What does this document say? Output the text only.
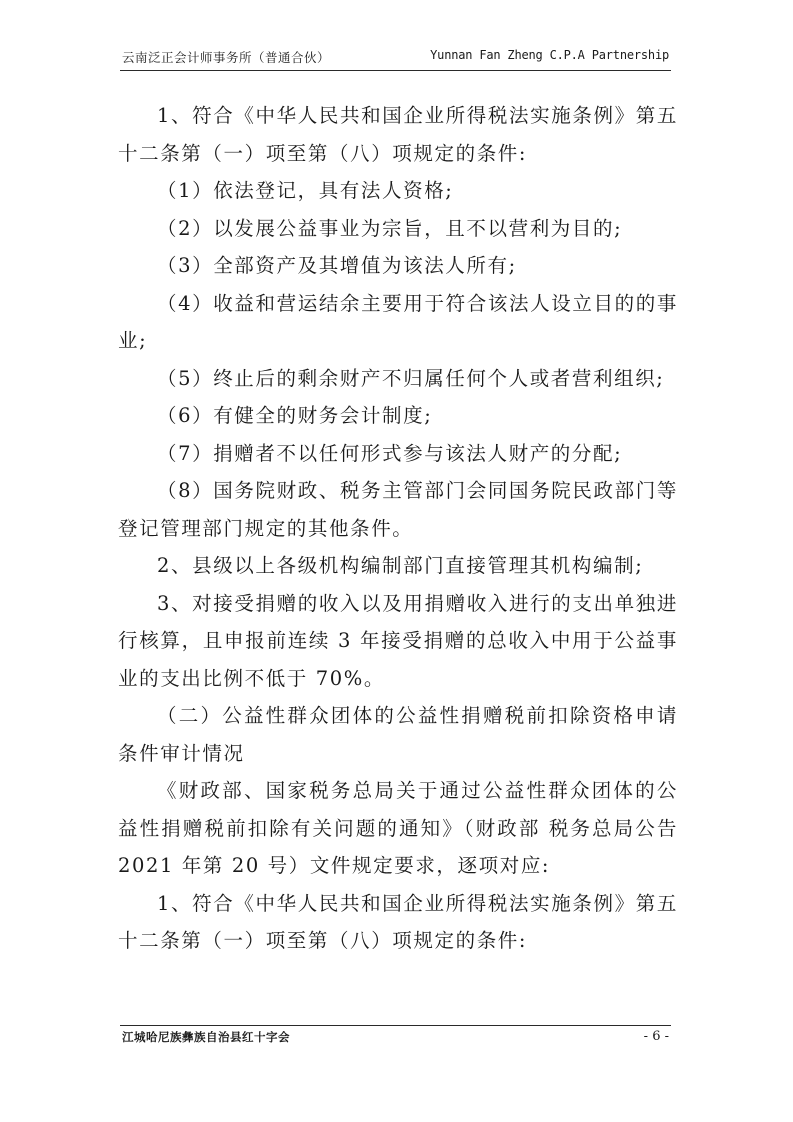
云南泛正会计师事务所（普通合伙）	Yunnan Fan Zheng C.P.A Partnership

1、符合《中华人民共和国企业所得税法实施条例》第五十二条第（一）项至第（八）项规定的条件:

（1）依法登记，具有法人资格;

（2）以发展公益事业为宗旨，且不以营利为目的;

（3）全部资产及其增值为该法人所有;

（4）收益和营运结余主要用于符合该法人设立目的的事业;

（5）终止后的剩余财产不归属任何个人或者营利组织;

（6）有健全的财务会计制度;

（7）捐赠者不以任何形式参与该法人财产的分配;

（8）国务院财政、税务主管部门会同国务院民政部门等登记管理部门规定的其他条件。

2、县级以上各级机构编制部门直接管理其机构编制;

3、对接受捐赠的收入以及用捐赠收入进行的支出单独进行核算，且申报前连续 3 年接受捐赠的总收入中用于公益事业的支出比例不低于 70%。

（二）公益性群众团体的公益性捐赠税前扣除资格申请条件审计情况

《财政部、国家税务总局关于通过公益性群众团体的公益性捐赠税前扣除有关问题的通知》（财政部 税务总局公告 2021 年第 20 号）文件规定要求，逐项对应:

1、符合《中华人民共和国企业所得税法实施条例》第五十二条第（一）项至第（八）项规定的条件:

江城哈尼族彝族自治县红十字会	- 6 -
